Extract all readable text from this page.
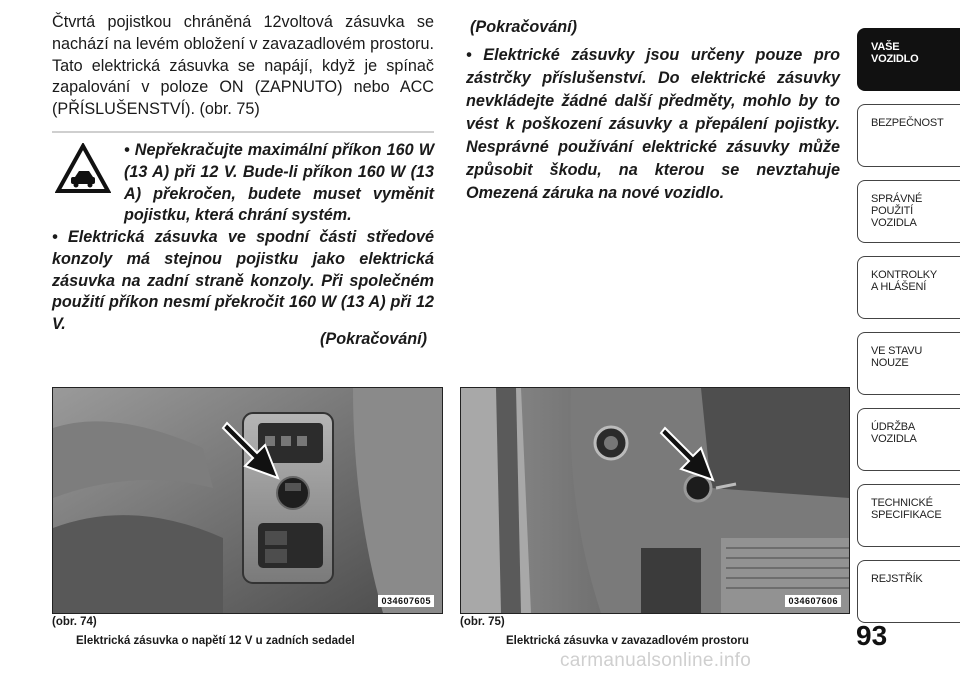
Čtvrtá pojistkou chráněná 12voltová zásuvka se nachází na levém obložení v zavazadlovém prostoru. Tato elektrická zásuvka se napájí, když je spínač zapalování v poloze ON (ZAPNUTO) nebo ACC (PŘÍSLUŠENSTVÍ). (obr. 75)
• Nepřekračujte maximální příkon 160 W (13 A) při 12 V. Bude-li příkon 160 W (13 A) překročen, budete muset vyměnit pojistku, která chrání systém.
• Elektrická zásuvka ve spodní části středové konzoly má stejnou pojistku jako elektrická zásuvka na zadní straně konzoly. Při společném použití příkon nesmí překročit 160 W (13 A) při 12 V.
(Pokračování)
(Pokračování)
• Elektrické zásuvky jsou určeny pouze pro zástrčky příslušenství. Do elektrické zásuvky nevkládejte žádné další předměty, mohlo by to vést k poškození zásuvky a přepálení pojistky. Nesprávné používání elektrické zásuvky může způsobit škodu, na kterou se nevztahuje Omezená záruka na nové vozidlo.
034607605
(obr. 74)
Elektrická zásuvka o napětí 12 V u zadních sedadel
034607606
(obr. 75)
Elektrická zásuvka v zavazadlovém prostoru
VAŠE
VOZIDLO
BEZPEČNOST
SPRÁVNÉ
POUŽITÍ
VOZIDLA
KONTROLKY
A HLÁŠENÍ
VE STAVU
NOUZE
ÚDRŽBA
VOZIDLA
TECHNICKÉ
SPECIFIKACE
REJSTŘÍK
93
carmanualsonline.info
